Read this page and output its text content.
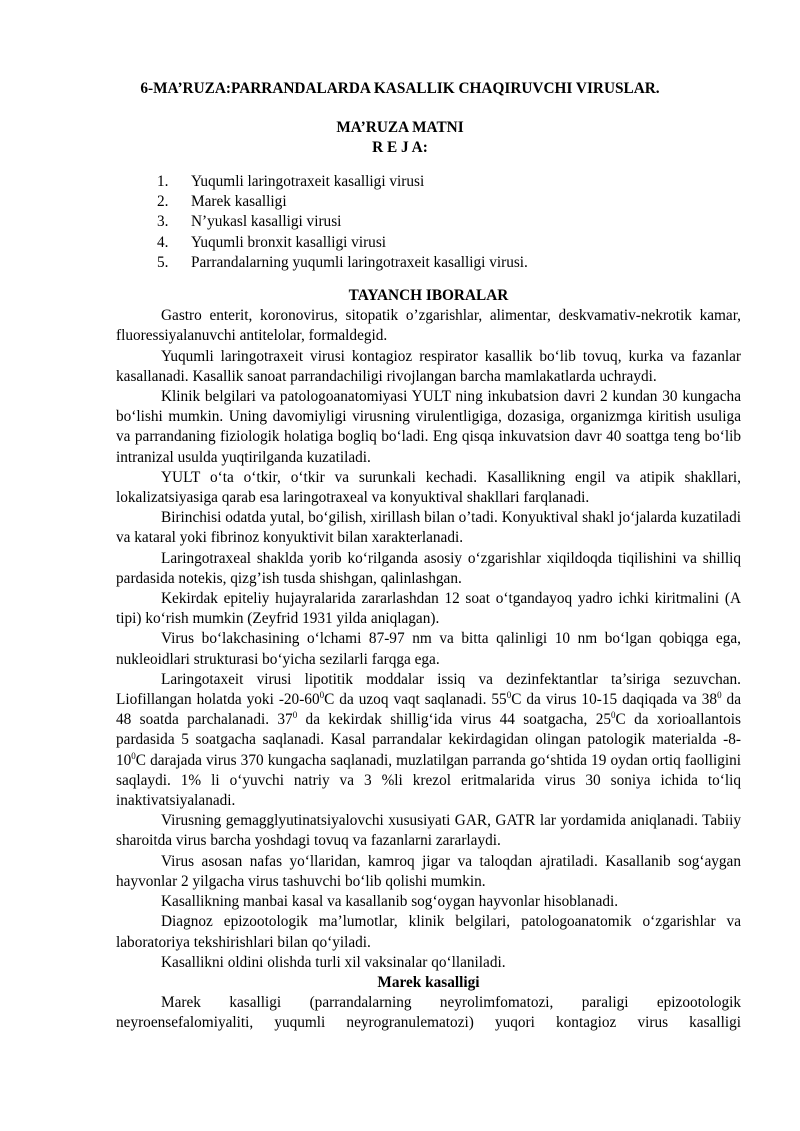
6-MA’RUZA:PARRANDALARDA KASALLIK CHAQIRUVCHI VIRUSLAR.
MA’RUZA MATNI
R E J A:
1. Yuqumli laringotraxeit kasalligi virusi
2. Marek kasalligi
3. N’yukasl kasalligi virusi
4. Yuqumli bronxit kasalligi virusi
5. Parrandalarning yuqumli laringotraxeit kasalligi virusi.
TAYANCH IBORALAR

Gastro enterit, koronovirus, sitopatik o’zgarishlar, alimentar, deskvamativ-nekrotik kamar, fluoressiyalanuvchi antitelolar, formaldegid.

Yuqumli laringotraxeit virusi kontagioz respirator kasallik bo‘lib tovuq, kurka va fazanlar kasallanadi. Kasallik sanoat parrandachiligi rivojlangan barcha mamlakatlarda uchraydi.

Klinik belgilari va patologoanatomiyasi YULT ning inkubatsion davri 2 kundan 30 kungacha bo‘lishi mumkin. Uning davomiyligi virusning virulentligiga, dozasiga, organizmga kiritish usuliga va parrandaning fiziologik holatiga bogliq bo‘ladi. Eng qisqa inkuvatsion davr 40 soattga teng bo‘lib intranizal usulda yuqtirilganda kuzatiladi.

YULT o‘ta o‘tkir, o‘tkir va surunkali kechadi. Kasallikning engil va atipik shakllari, lokalizatsiyasiga qarab esa laringotraxeal va konyuktival shakllari farqlanadi.

Birinchisi odatda yutal, bo‘gilish, xirillash bilan o’tadi. Konyuktival shakl jo‘jalarda kuzatiladi va kataral yoki fibrinoz konyuktivit bilan xarakterlanadi.

Laringotraxeal shaklda yorib ko‘rilganda asosiy o‘zgarishlar xiqildoqda tiqilishini va shilliq pardasida notekis, qizg’ish tusda shishgan, qalinlashgan.

Kekirdak epiteliy hujayralarida zararlashdan 12 soat o‘tgandayoq yadro ichki kiritmalini (A tipi) ko‘rish mumkin (Zeyfrid 1931 yilda aniqlagan).

Virus bo‘lakchasining o‘lchami 87-97 nm va bitta qalinligi 10 nm bo‘lgan qobiqga ega, nukleoidlari strukturasi bo‘yicha sezilarli farqga ega.

Laringotaxeit virusi lipotitik moddalar issiq va dezinfektantlar ta’siriga sezuvchan. Liofillangan holatda yoki $-20-60^0C$ da uzoq vaqt saqlanadi. $55^0C$ da virus 10-15 daqiqada va $38^0$ da 48 soatda parchalanadi. $37^0$ da kekirdak shillig‘ida virus 44 soatgacha, $25^0C$ da xorioallantois pardasida 5 soatgacha saqlanadi. Kasal parrandalar kekirdagidan olingan patologik materialda $-8-10^0C$ darajada virus 370 kungacha saqlanadi, muzlatilgan parranda go‘shtida 19 oydan ortiq faolligini saqlaydi. 1% li o‘yuvchi natriy va 3 %li krezol eritmalarida virus 30 soniya ichida to‘liq inaktivatsiyalanadi.

Virusning gemagglyutinatsiyalovchi xususiyati GAR, GATR lar yordamida aniqlanadi. Tabiiy sharoitda virus barcha yoshdagi tovuq va fazanlarni zararlaydi.

Virus asosan nafas yo‘llaridan, kamroq jigar va taloqdan ajratiladi. Kasallanib sog‘aygan hayvonlar 2 yilgacha virus tashuvchi bo‘lib qolishi mumkin.

Kasallikning manbai kasal va kasallanib sog‘oygan hayvonlar hisoblanadi.

Diagnoz epizootologik ma’lumotlar, klinik belgilari, patologoanatomik o‘zgarishlar va laboratoriya tekshirishlari bilan qo‘yiladi.

Kasallikni oldini olishda turli xil vaksinalar qo‘llaniladi.

Marek kasalligi

Marek kasalligi (parrandalarning neyrolimfomatozi, paraligi epizootologik neyroensefalomiyaliti, yuqumli neyrogranulematozi) yuqori kontagioz virus kasalligi
